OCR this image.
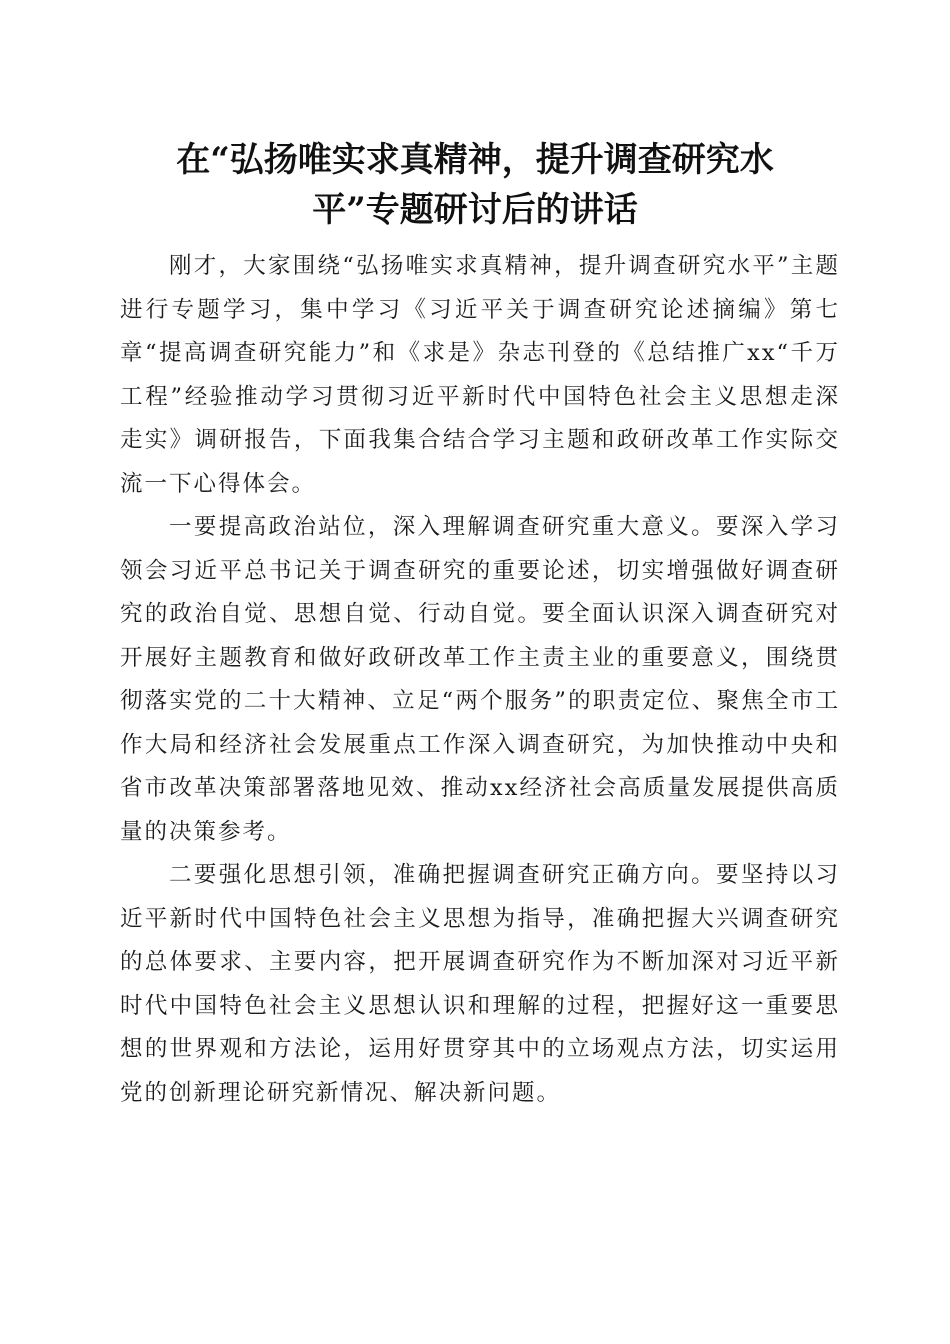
在“弘扬唯实求真精神，提升调查研究水
平”专题研讨后的讲话

刚才，大家围绕“弘扬唯实求真精神，提升调查研究水平”主题进行专题学习，集中学习《习近平关于调查研究论述摘编》第七章“提高调查研究能力”和《求是》杂志刊登的《总结推广xx“千万工程”经验推动学习贯彻习近平新时代中国特色社会主义思想走深走实》调研报告，下面我集合结合学习主题和政研改革工作实际交流一下心得体会。

一要提高政治站位，深入理解调查研究重大意义。要深入学习领会习近平总书记关于调查研究的重要论述，切实增强做好调查研究的政治自觉、思想自觉、行动自觉。要全面认识深入调查研究对开展好主题教育和做好政研改革工作主责主业的重要意义，围绕贯彻落实党的二十大精神、立足“两个服务”的职责定位、聚焦全市工作大局和经济社会发展重点工作深入调查研究，为加快推动中央和省市改革决策部署落地见效、推动xx经济社会高质量发展提供高质量的决策参考。

二要强化思想引领，准确把握调查研究正确方向。要坚持以习近平新时代中国特色社会主义思想为指导，准确把握大兴调查研究的总体要求、主要内容，把开展调查研究作为不断加深对习近平新时代中国特色社会主义思想认识和理解的过程，把握好这一重要思想的世界观和方法论，运用好贯穿其中的立场观点方法，切实运用党的创新理论研究新情况、解决新问题。
